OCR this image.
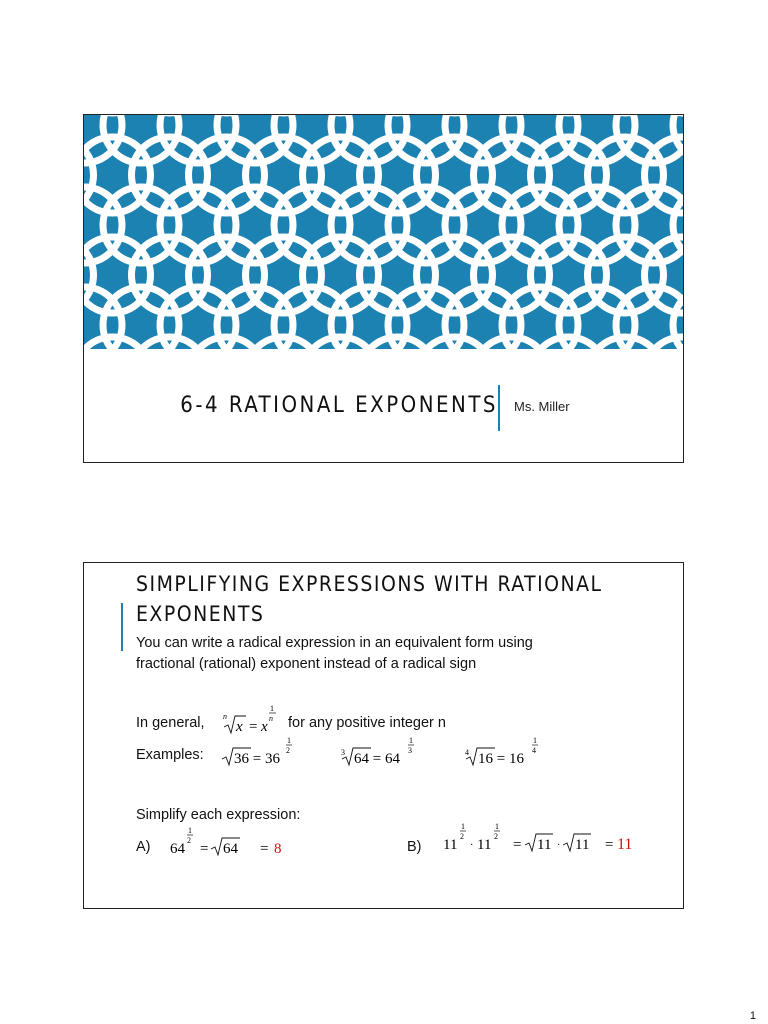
6-4 RATIONAL EXPONENTS Ms. Miller
SIMPLIFYING EXPRESSIONS WITH RATIONAL
EXPONENTS
You can write a radical expression in an equivalent form using
fractional (rational) exponent instead of a radical sign
In general, n
x = x
1
n for any positive integer n
Examples: 36 = 36
1
2	3 64 = 64
1
3	4 16 = 16
1
4
Simplify each expression:
A) 64
1
2
= 64 = 8	B) 11
1
2
· 11
1
2
= 11 · 11 = 11
1
